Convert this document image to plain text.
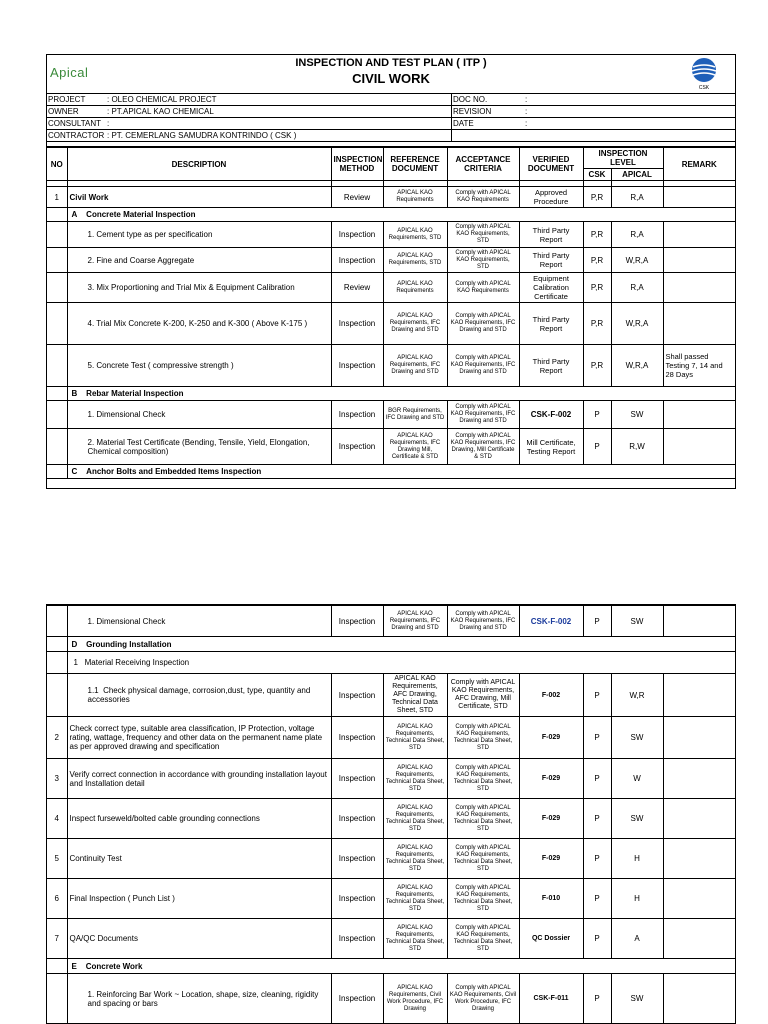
Apical
INSPECTION AND TEST PLAN ( ITP )
CIVIL WORK
CSK
PROJECT	: OLEO CHEMICAL PROJECT	DOC NO.	:
OWNER	: PT.APICAL KAO CHEMICAL	REVISION	:
CONSULTANT :	DATE	:
CONTRACTOR : PT. CEMERLANG SAMUDRA KONTRINDO ( CSK )
NO	DESCRIPTION	INSPECTION METHOD	REFERENCE DOCUMENT	ACCEPTANCE CRITERIA	VERIFIED DOCUMENT	INSPECTION LEVEL		REMARK
						CSK	APICAL	

1	Civil Work	Review	APICAL KAO Requirements	Comply with APICAL KAO Requirements	Approved Procedure	P,R	R,A	
	A Concrete Material Inspection							
	1. Cement type as per specification	Inspection	APICAL KAO Requirements, STD	Comply with APICAL KAO Requirements, STD	Third Party Report	P,R	R,A	
	2. Fine and Coarse Aggregate	Inspection	APICAL KAO Requirements, STD	Comply with APICAL KAO Requirements, STD	Third Party Report	P,R	W,R,A	
	3. Mix Proportioning and Trial Mix & Equipment Calibration	Review	APICAL KAO Requirements	Comply with APICAL KAO Requirements	Equipment Calibration Certificate	P,R	R,A	
	4. Trial Mix Concrete K-200, K-250 and K-300 ( Above K-175 )	Inspection	APICAL KAO Requirements, IFC Drawing and STD	Comply with APICAL KAO Requirements, IFC Drawing and STD	Third Party Report	P,R	W,R,A	
	5. Concrete Test ( compressive strength )	Inspection	APICAL KAO Requirements, IFC Drawing and STD	Comply with APICAL KAO Requirements, IFC Drawing and STD	Third Party Report	P,R	W,R,A	Shall passed Testing 7, 14 and 28 Days
	B Rebar Material Inspection							
	1. Dimensional Check	Inspection	BGR Requirements, IFC Drawing and STD	Comply with APICAL KAO Requirements, IFC Drawing and STD	CSK-F-002	P	SW	
	2. Material Test Certificate (Bending, Tensile, Yield, Elongation, Chemical composition)	Inspection	APICAL KAO Requirements, IFC Drawing Mill, Certificate & STD	Comply with APICAL KAO Requirements, IFC Drawing, Mill Certificate & STD	Mill Certificate, Testing Report	P	R,W	
	C Anchor Bolts and Embedded Items Inspection							
	1. Dimensional Check	Inspection	APICAL KAO Requirements, IFC Drawing and STD	Comply with APICAL KAO Requirements, IFC Drawing and STD	CSK-F-002	P	SW	
	D Grounding Installation							
	1 Material Receiving Inspection							
	1.1 Check physical damage, corrosion,dust, type, quantity and accessories	Inspection	APICAL KAO Requirements, AFC Drawing, Technical Data Sheet, STD	Comply with APICAL KAO Requirements, AFC Drawing, Mill Certificate, STD	F-002	P	W,R	
2	Check correct type, suitable area classification, IP Protection, voltage rating, wattage, frequency and other data on the permanent name plate as per approved drawing and specification	Inspection	APICAL KAO Requirements, Technical Data Sheet, STD	Comply with APICAL KAO Requirements, Technical Data Sheet, STD	F-029	P	SW	
3	Verify correct connection in accordance with grounding installation layout and Installation detail	Inspection	APICAL KAO Requirements, Technical Data Sheet, STD	Comply with APICAL KAO Requirements, Technical Data Sheet, STD	F-029	P	W	
4	Inspect furseweld/bolted cable grounding connections	Inspection	APICAL KAO Requirements, Technical Data Sheet, STD	Comply with APICAL KAO Requirements, Technical Data Sheet, STD	F-029	P	SW	
5	Continuity Test	Inspection	APICAL KAO Requirements, Technical Data Sheet, STD	Comply with APICAL KAO Requirements, Technical Data Sheet, STD	F-029	P	H	
6	Final Inspection ( Punch List )	Inspection	APICAL KAO Requirements, Technical Data Sheet, STD	Comply with APICAL KAO Requirements, Technical Data Sheet, STD	F-010	P	H	
7	QA/QC Documents	Inspection	APICAL KAO Requirements, Technical Data Sheet, STD	Comply with APICAL KAO Requirements, Technical Data Sheet, STD	QC Dossier	P	A	
	E Concrete Work							
	1. Reinforcing Bar Work ~ Location, shape, size, cleaning, rigidity and spacing or bars	Inspection	APICAL KAO Requirements, Civil Work Procedure, IFC Drawing	Comply with APICAL KAO Requirements, Civil Work Procedure, IFC Drawing	CSK-F-011	P	SW	
